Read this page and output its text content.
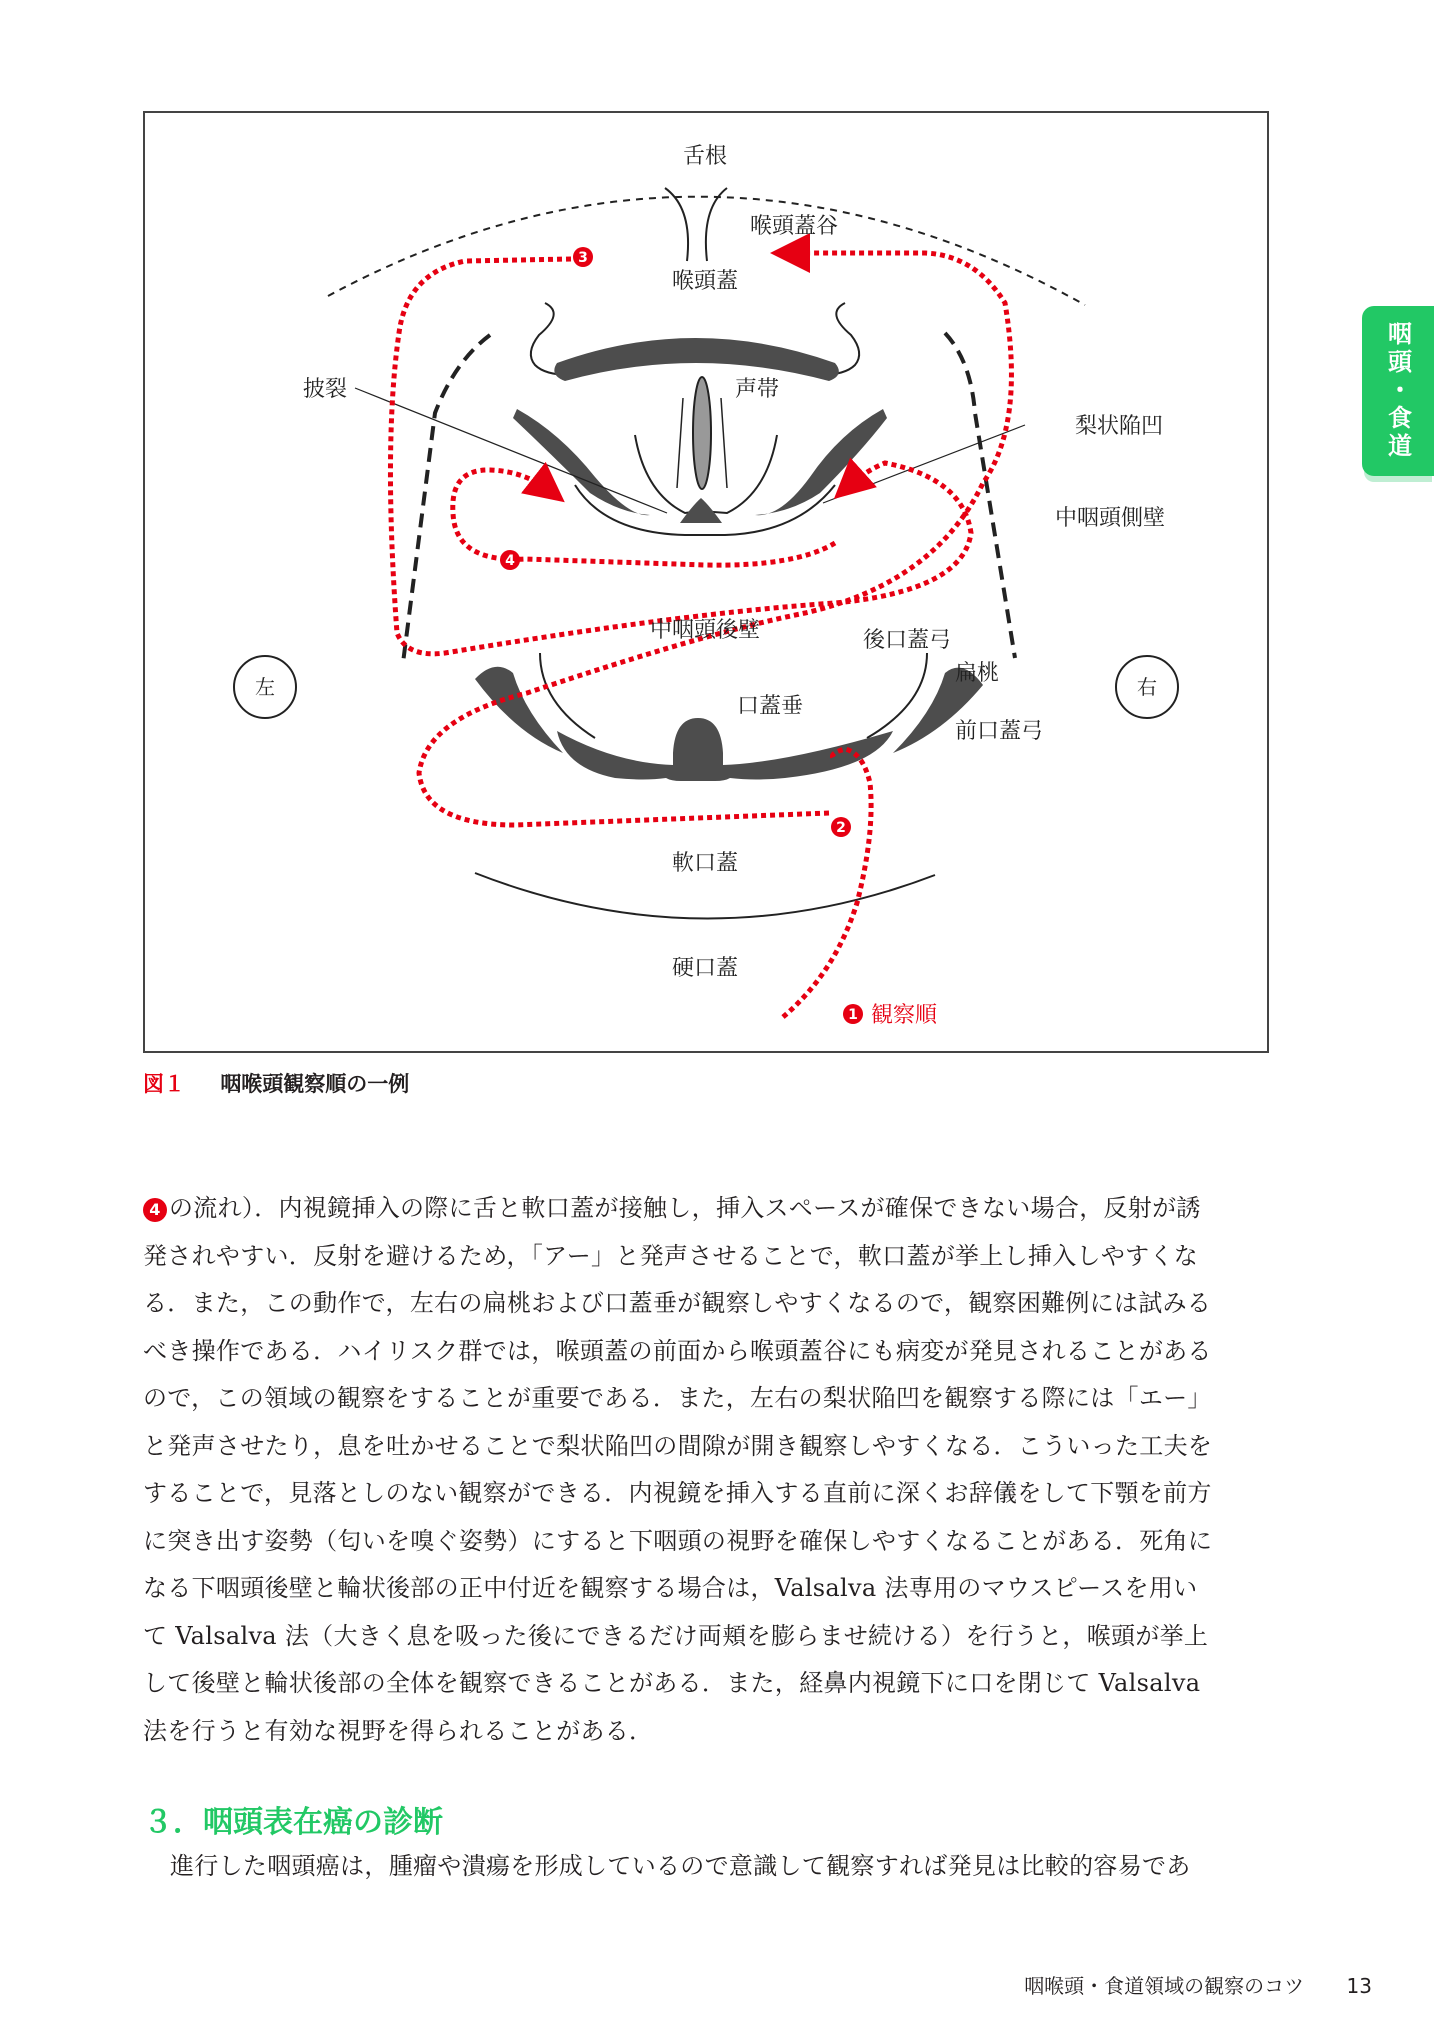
1
2
3
4
舌根
喉頭蓋谷
喉頭蓋
声帯
披裂
梨状陥凹
中咽頭側壁
中咽頭後壁	後口蓋弓
扁桃
前口蓋弓
口蓋垂
軟口蓋
硬口蓋
左	右
観察順
図１ 咽喉頭観察順の一例
4 の流れ）．内視鏡挿入の際に舌と軟口蓋が接触し，挿入スペースが確保できない場合，反射が誘
発されやすい．反射を避けるため，「アー」と発声させることで，軟口蓋が挙上し挿入しやすくな
る．また，この動作で，左右の扁桃および口蓋垂が観察しやすくなるので，観察困難例には試みる
べき操作である．ハイリスク群では，喉頭蓋の前面から喉頭蓋谷にも病変が発見されることがある
ので，この領域の観察をすることが重要である．また，左右の梨状陥凹を観察する際には「エー」
と発声させたり，息を吐かせることで梨状陥凹の間隙が開き観察しやすくなる．こういった工夫を
することで，見落としのない観察ができる．内視鏡を挿入する直前に深くお辞儀をして下顎を前方
に突き出す姿勢（匂いを嗅ぐ姿勢）にすると下咽頭の視野を確保しやすくなることがある．死角に
なる下咽頭後壁と輪状後部の正中付近を観察する場合は，Valsalva 法専用のマウスピースを用い
て Valsalva 法（大きく息を吸った後にできるだけ両頬を膨らませ続ける）を行うと，喉頭が挙上
して後壁と輪状後部の全体を観察できることがある．また，経鼻内視鏡下に口を閉じて Valsalva
法を行うと有効な視野を得られることがある．
３．咽頭表在癌の診断
進行した咽頭癌は，腫瘤や潰瘍を形成しているので意識して観察すれば発見は比較的容易であ
咽頭・食道
咽喉頭・食道領域の観察のコツ 13
